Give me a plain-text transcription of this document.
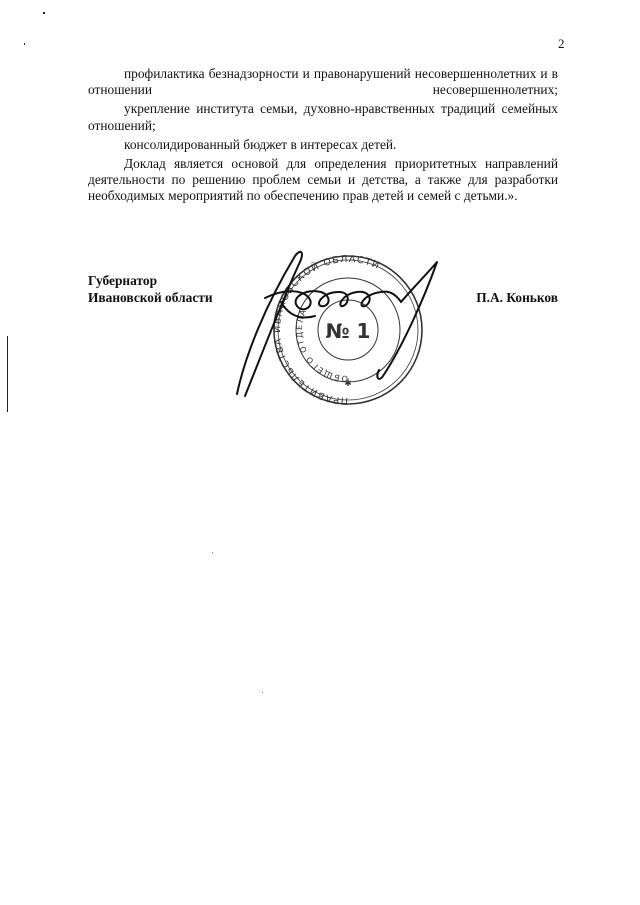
2

профилактика безнадзорности и правонарушений несовершеннолетних и в отношении несовершеннолетних;

укрепление института семьи, духовно-нравственных традиций семейных отношений;

консолидированный бюджет в интересах детей.

Доклад является основой для определения приоритетных направлений деятельности по решению проблем семьи и детства, а также для разработки необходимых мероприятий по обеспечению прав детей и семей с детьми.».

Губернатор
Ивановской области	П.А. Коньков
ПРАВИТЕЛЬСТВА ИВАНОВСКОЙ ОБЛАСТИ
ОБЩЕГО ОТДЕЛА
№ 1
✱
